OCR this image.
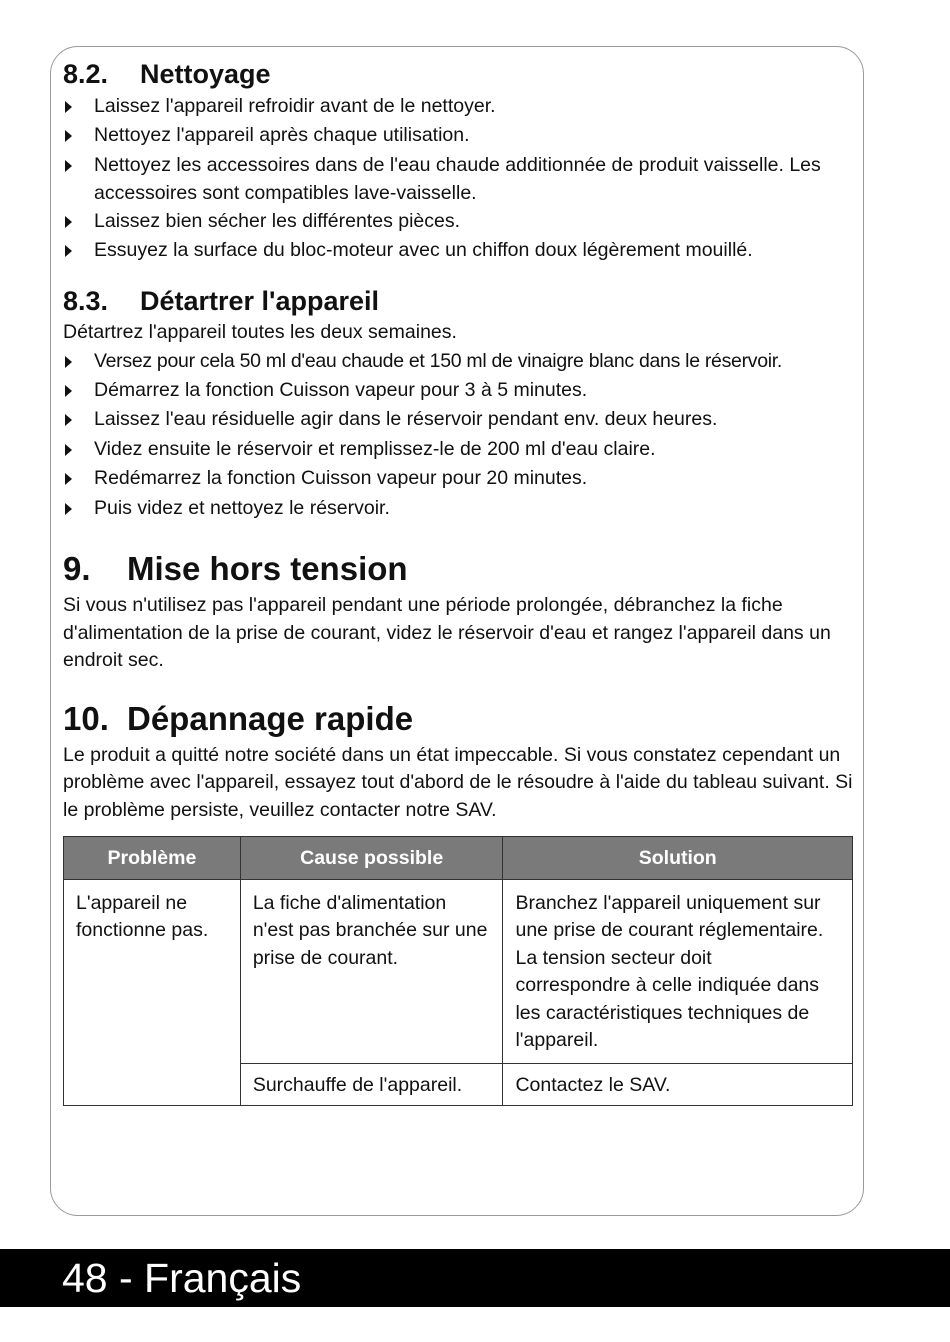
8.2.	Nettoyage
Laissez l'appareil refroidir avant de le nettoyer.
Nettoyez l'appareil après chaque utilisation.
Nettoyez les accessoires dans de l'eau chaude additionnée de produit vaisselle. Les accessoires sont compatibles lave-vaisselle.
Laissez bien sécher les différentes pièces.
Essuyez la surface du bloc-moteur avec un chiffon doux légèrement mouillé.
8.3.	Détartrer l'appareil

Détartrez l'appareil toutes les deux semaines.

Versez pour cela 50 ml d'eau chaude et 150 ml de vinaigre blanc dans le réservoir.
Démarrez la fonction Cuisson vapeur pour 3 à 5 minutes.
Laissez l'eau résiduelle agir dans le réservoir pendant env. deux heures.
Videz ensuite le réservoir et remplissez-le de 200 ml d'eau claire.
Redémarrez la fonction Cuisson vapeur pour 20 minutes.
Puis videz et nettoyez le réservoir.
9.	Mise hors tension

Si vous n'utilisez pas l'appareil pendant une période prolongée, débranchez la fiche d'alimentation de la prise de courant, videz le réservoir d'eau et rangez l'appareil dans un endroit sec.

10. Dépannage rapide

Le produit a quitté notre société dans un état impeccable. Si vous constatez cependant un problème avec l'appareil, essayez tout d'abord de le résoudre à l'aide du tableau suivant. Si le problème persiste, veuillez contacter notre SAV.

Problème	Cause possible	Solution
L'appareil ne fonctionne pas.	La fiche d'alimentation n'est pas branchée sur une prise de courant.	Branchez l'appareil uniquement sur une prise de courant réglementaire. La tension secteur doit correspondre à celle indiquée dans les caractéristiques techniques de l'appareil.
	Surchauffe de l'appareil.	Contactez le SAV.
48 - Français
